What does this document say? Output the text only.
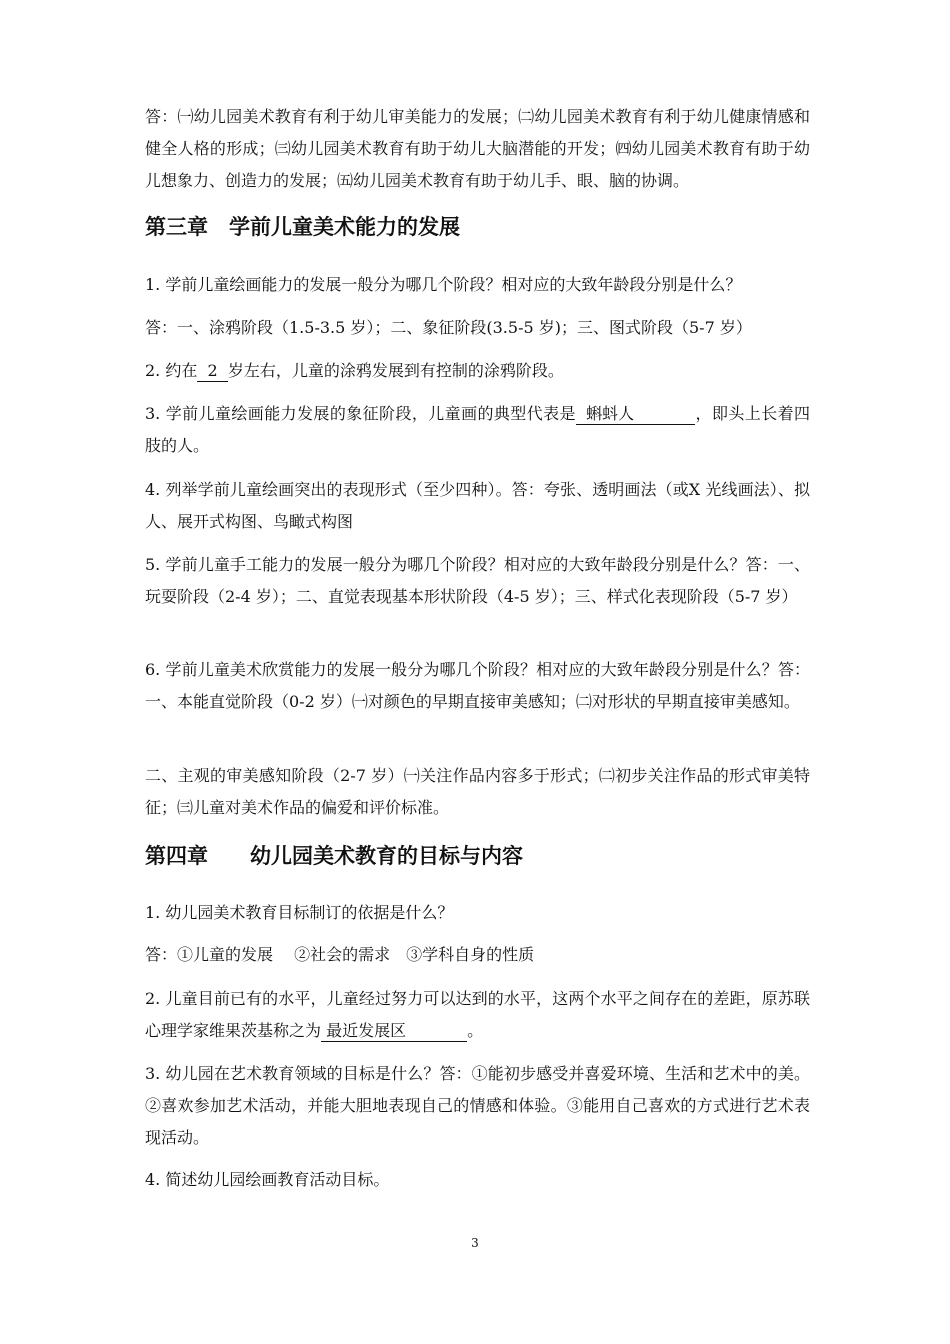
答：㈠幼儿园美术教育有利于幼儿审美能力的发展；㈡幼儿园美术教育有利于幼儿健康情感和健全人格的形成；㈢幼儿园美术教育有助于幼儿大脑潜能的开发；㈣幼儿园美术教育有助于幼儿想象力、创造力的发展；㈤幼儿园美术教育有助于幼儿手、眼、脑的协调。

第三章　学前儿童美术能力的发展

1. 学前儿童绘画能力的发展一般分为哪几个阶段？相对应的大致年龄段分别是什么？

答：一、涂鸦阶段（1.5-3.5 岁）；二、象征阶段(3.5-5 岁)；三、图式阶段（5-7 岁）

2. 约在  2  岁左右，儿童的涂鸦发展到有控制的涂鸦阶段。

3. 学前儿童绘画能力发展的象征阶段，儿童画的典型代表是  蝌蚪人            ，即头上长着四肢的人。

4. 列举学前儿童绘画突出的表现形式（至少四种）。答：夸张、透明画法（或X 光线画法）、拟人、展开式构图、鸟瞰式构图

5. 学前儿童手工能力的发展一般分为哪几个阶段？相对应的大致年龄段分别是什么？答：一、玩耍阶段（2-4 岁）；二、直觉表现基本形状阶段（4-5 岁）；三、样式化表现阶段（5-7 岁）

6. 学前儿童美术欣赏能力的发展一般分为哪几个阶段？相对应的大致年龄段分别是什么？答：一、本能直觉阶段（0-2 岁）㈠对颜色的早期直接审美感知；㈡对形状的早期直接审美感知。

二、主观的审美感知阶段（2-7 岁）㈠关注作品内容多于形式；㈡初步关注作品的形式审美特征；㈢儿童对美术作品的偏爱和评价标准。

第四章　　幼儿园美术教育的目标与内容

1. 幼儿园美术教育目标制订的依据是什么？

答：①儿童的发展　 ②社会的需求　③学科自身的性质

2. 儿童目前已有的水平，儿童经过努力可以达到的水平，这两个水平之间存在的差距，原苏联心理学家维果茨基称之为 最近发展区            。

3. 幼儿园在艺术教育领域的目标是什么？答：①能初步感受并喜爱环境、生活和艺术中的美。②喜欢参加艺术活动，并能大胆地表现自己的情感和体验。③能用自己喜欢的方式进行艺术表现活动。

4. 简述幼儿园绘画教育活动目标。

3
